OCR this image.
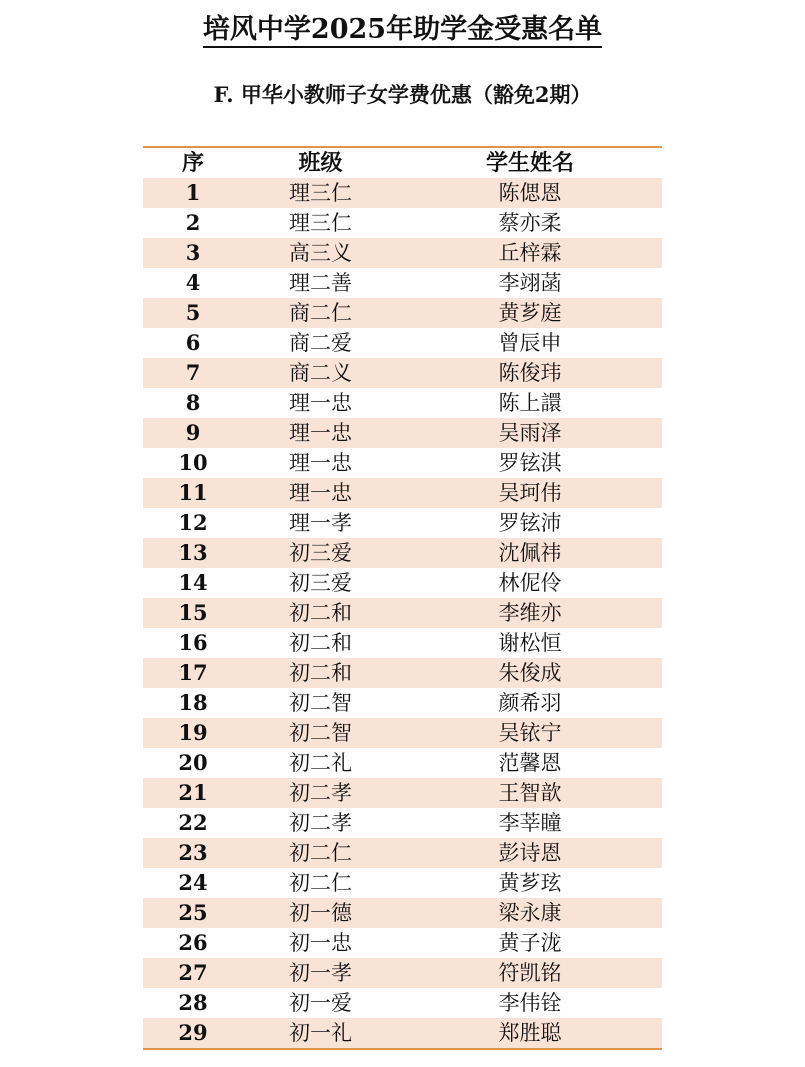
培风中学2025年助学金受惠名单
F. 甲华小教师子女学费优惠（豁免2期）
序	班级	学生姓名
1	理三仁	陈偲恩
2	理三仁	蔡亦柔
3	高三义	丘梓霖
4	理二善	李翊菡
5	商二仁	黄芗庭
6	商二爱	曾辰申
7	商二义	陈俊玮
8	理一忠	陈上譞
9	理一忠	吴雨泽
10	理一忠	罗铉淇
11	理一忠	吴珂伟
12	理一孝	罗铉沛
13	初三爱	沈佩祎
14	初三爱	林伲伶
15	初二和	李维亦
16	初二和	谢松恒
17	初二和	朱俊成
18	初二智	颜希羽
19	初二智	吴铱宁
20	初二礼	范馨恩
21	初二孝	王智歆
22	初二孝	李莘瞳
23	初二仁	彭诗恩
24	初二仁	黄芗玹
25	初一德	梁永康
26	初一忠	黄子泷
27	初一孝	符凯铭
28	初一爱	李伟铨
29	初一礼	郑胜聪
